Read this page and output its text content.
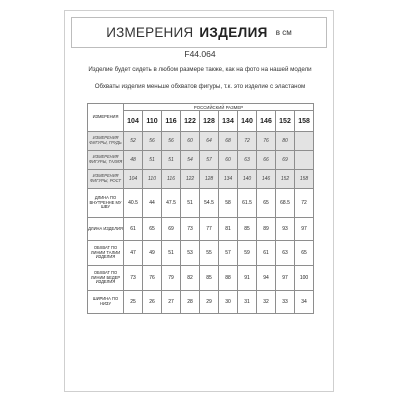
ИЗМЕРЕНИЯ ИЗДЕЛИЯ в см
F44.064
Изделие будет сидеть в любом размере также, как на фото на нашей модели
Обхваты изделия меньше обхватов фигуры, т.к. это изделие с эластаном
ИЗМЕРЕНИЯ	РОССИЙСКИЙ РАЗМЕР									
	104	110	116	122	128	134	140	146	152	158
ИЗМЕРЕНИЯ ФИГУРЫ, ГРУДЬ	52	56	56	60	64	68	72	76	80	
ИЗМЕРЕНИЯ ФИГУРЫ, ТАЛИЯ	48	51	51	54	57	60	63	66	69	
ИЗМЕРЕНИЯ ФИГУРЫ, РОСТ	104	110	116	122	128	134	140	146	152	158
ДЛИНА ПО ВНУТРЕННЕ МУ ШВУ	40.5	44	47.5	51	54.5	58	61.5	65	68.5	72
ДЛИНА ИЗДЕЛИЯ	61	65	69	73	77	81	85	89	93	97
ОБХВАТ ПО ЛИНИИ ТАЛИИ ИЗДЕЛИЯ	47	49	51	53	55	57	59	61	63	65
ОБХВАТ ПО ЛИНИИ БЕДЕР ИЗДЕЛИЯ	73	76	79	82	85	88	91	94	97	100
ШИРИНА ПО НИЗУ	25	26	27	28	29	30	31	32	33	34
